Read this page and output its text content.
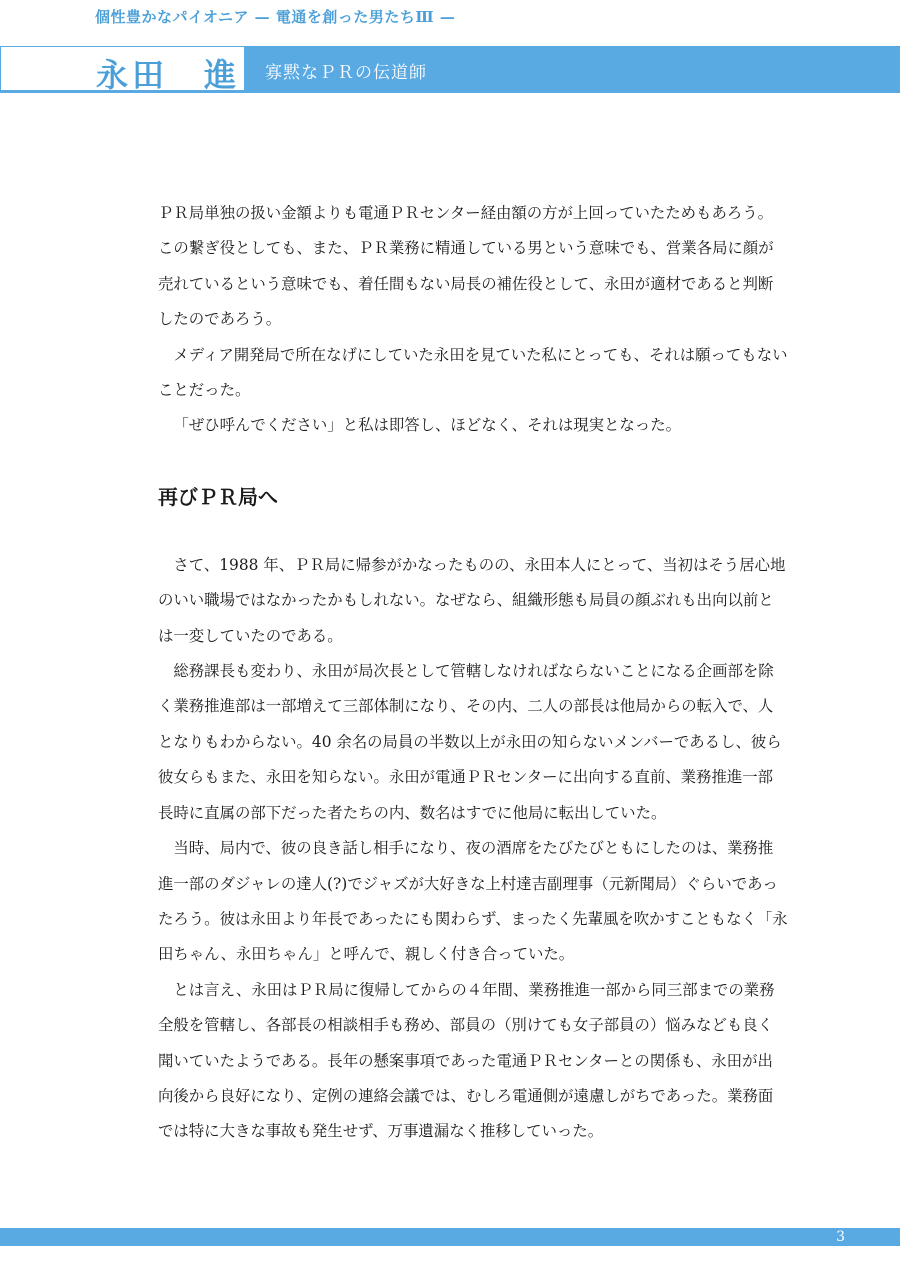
個性豊かなパイオニア — 電通を創った男たちⅢ —
永田　進 寡黙なＰＲの伝道師

ＰＲ局単独の扱い金額よりも電通ＰＲセンター経由額の方が上回っていたためもあろう。この繋ぎ役としても、また、ＰＲ業務に精通している男という意味でも、営業各局に顔が売れているという意味でも、着任間もない局長の補佐役として、永田が適材であると判断したのであろう。

　メディア開発局で所在なげにしていた永田を見ていた私にとっても、それは願ってもないことだった。

「ぜひ呼んでください」と私は即答し、ほどなく、それは現実となった。

再びＰＲ局へ

　さて、1988 年、ＰＲ局に帰参がかなったものの、永田本人にとって、当初はそう居心地のいい職場ではなかったかもしれない。なぜなら、組織形態も局員の顔ぶれも出向以前とは一変していたのである。

　総務課長も変わり、永田が局次長として管轄しなければならないことになる企画部を除く業務推進部は一部増えて三部体制になり、その内、二人の部長は他局からの転入で、人となりもわからない。40 余名の局員の半数以上が永田の知らないメンバーであるし、彼ら彼女らもまた、永田を知らない。永田が電通ＰＲセンターに出向する直前、業務推進一部長時に直属の部下だった者たちの内、数名はすでに他局に転出していた。

　当時、局内で、彼の良き話し相手になり、夜の酒席をたびたびともにしたのは、業務推進一部のダジャレの達人(?)でジャズが大好きな上村達吉副理事（元新聞局）ぐらいであったろう。彼は永田より年長であったにも関わらず、まったく先輩風を吹かすこともなく「永田ちゃん、永田ちゃん」と呼んで、親しく付き合っていた。

　とは言え、永田はＰＲ局に復帰してからの４年間、業務推進一部から同三部までの業務全般を管轄し、各部長の相談相手も務め、部員の（別けても女子部員の）悩みなども良く聞いていたようである。長年の懸案事項であった電通ＰＲセンターとの関係も、永田が出向後から良好になり、定例の連絡会議では、むしろ電通側が遠慮しがちであった。業務面では特に大きな事故も発生せず、万事遺漏なく推移していった。

3
